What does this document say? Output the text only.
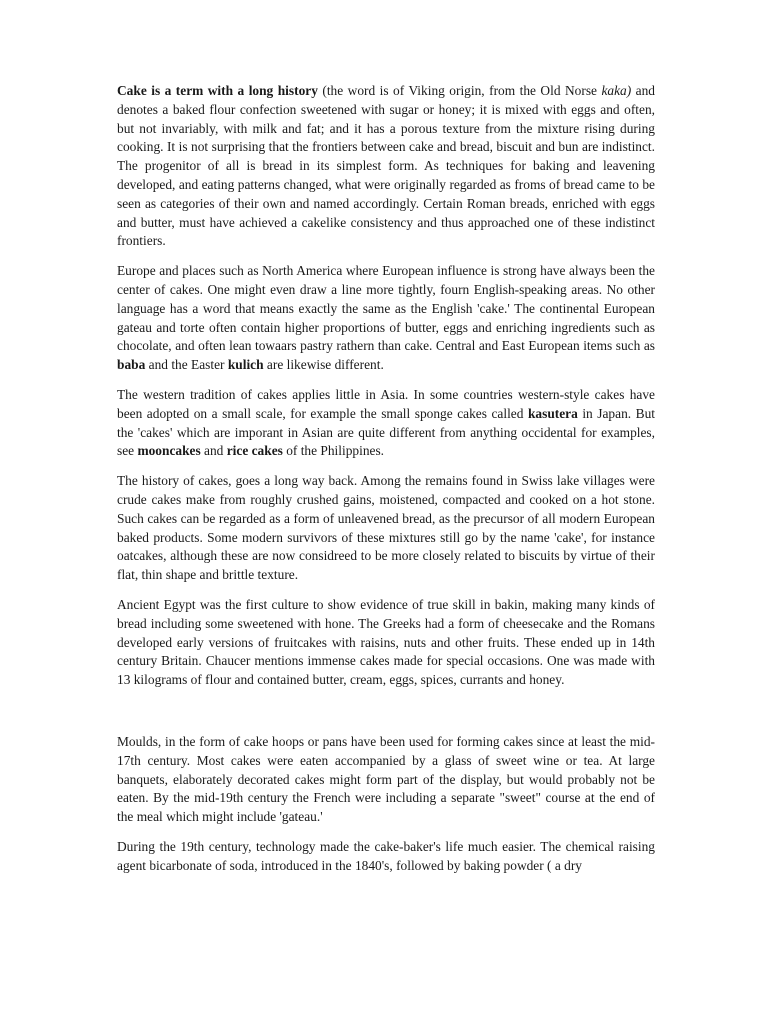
Cake is a term with a long history (the word is of Viking origin, from the Old Norse kaka) and denotes a baked flour confection sweetened with sugar or honey; it is mixed with eggs and often, but not invariably, with milk and fat; and it has a porous texture from the mixture rising during cooking. It is not surprising that the frontiers between cake and bread, biscuit and bun are indistinct. The progenitor of all is bread in its simplest form. As techniques for baking and leavening developed, and eating patterns changed, what were originally regarded as froms of bread came to be seen as categories of their own and named accordingly. Certain Roman breads, enriched with eggs and butter, must have achieved a cakelike consistency and thus approached one of these indistinct frontiers.

Europe and places such as North America where European influence is strong have always been the center of cakes. One might even draw a line more tightly, fourn English-speaking areas. No other language has a word that means exactly the same as the English 'cake.' The continental European gateau and torte often contain higher proportions of butter, eggs and enriching ingredients such as chocolate, and often lean towaars pastry rathern than cake. Central and East European items such as baba and the Easter kulich are likewise different.

The western tradition of cakes applies little in Asia. In some countries western-style cakes have been adopted on a small scale, for example the small sponge cakes called kasutera in Japan. But the 'cakes' which are imporant in Asian are quite different from anything occidental for examples, see mooncakes and rice cakes of the Philippines.

The history of cakes, goes a long way back. Among the remains found in Swiss lake villages were crude cakes make from roughly crushed gains, moistened, compacted and cooked on a hot stone. Such cakes can be regarded as a form of unleavened bread, as the precursor of all modern European baked products. Some modern survivors of these mixtures still go by the name 'cake', for instance oatcakes, although these are now considreed to be more closely related to biscuits by virtue of their flat, thin shape and brittle texture.

Ancient Egypt was the first culture to show evidence of true skill in bakin, making many kinds of bread including some sweetened with hone. The Greeks had a form of cheesecake and the Romans developed early versions of fruitcakes with raisins, nuts and other fruits. These ended up in 14th century Britain. Chaucer mentions immense cakes made for special occasions. One was made with 13 kilograms of flour and contained butter, cream, eggs, spices, currants and honey.

Moulds, in the form of cake hoops or pans have been used for forming cakes since at least the mid-17th century. Most cakes were eaten accompanied by a glass of sweet wine or tea. At large banquets, elaborately decorated cakes might form part of the display, but would probably not be eaten. By the mid-19th century the French were including a separate "sweet" course at the end of the meal which might include 'gateau.'

During the 19th century, technology made the cake-baker's life much easier. The chemical raising agent bicarbonate of soda, introduced in the 1840's, followed by baking powder ( a dry
